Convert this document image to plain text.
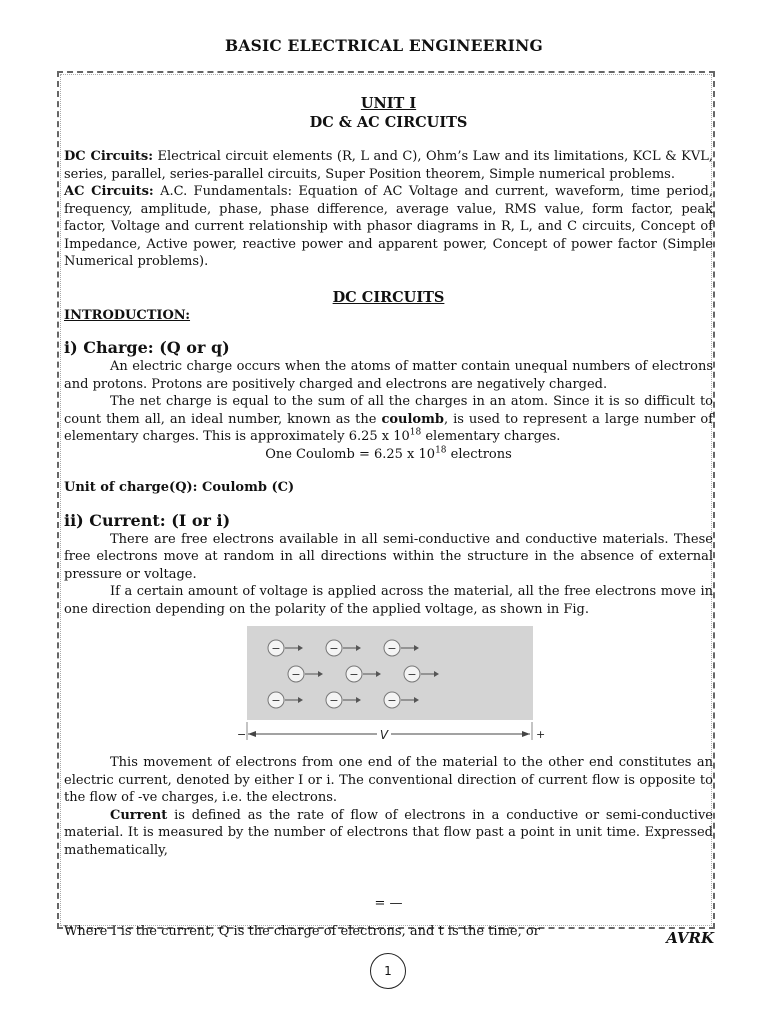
BASIC ELECTRICAL ENGINEERING
UNIT I
DC & AC CIRCUITS

DC Circuits: Electrical circuit elements (R, L and C), Ohm’s Law and its limitations, KCL & KVL, series, parallel, series-parallel circuits, Super Position theorem, Simple numerical problems.

AC Circuits: A.C. Fundamentals: Equation of AC Voltage and current, waveform, time period, frequency, amplitude, phase, phase difference, average value, RMS value, form factor, peak factor, Voltage and current relationship with phasor diagrams in R, L, and C circuits, Concept of Impedance, Active power, reactive power and apparent power, Concept of power factor (Simple Numerical problems).

DC CIRCUITS
INTRODUCTION:
i) Charge: (Q or q)

An electric charge occurs when the atoms of matter contain unequal numbers of electrons and protons. Protons are positively charged and electrons are negatively charged.

The net charge is equal to the sum of all the charges in an atom. Since it is so difficult to count them all, an ideal number, known as the coulomb, is used to represent a large number of elementary charges. This is approximately 6.25 x $10^{18}$ elementary charges.

One Coulomb = 6.25 x $10^{18}$ electrons

Unit of charge(Q): Coulomb (C)
ii) Current: (I or i)

There are free electrons available in all semi-conductive and conductive materials. These free electrons move at random in all directions within the structure in the absence of external pressure or voltage.

If a certain amount of voltage is applied across the material, all the free electrons move in one direction depending on the polarity of the applied voltage, as shown in Fig.

−	−	−
−	−	−
−	−	−
V
−	+

This movement of electrons from one end of the material to the other end constitutes an electric current, denoted by either I or i. The conventional direction of current flow is opposite to the flow of -ve charges, i.e. the electrons.

Current is defined as the rate of flow of electrons in a conductive or semi-conductive material. It is measured by the number of electrons that flow past a point in unit time. Expressed mathematically,

= —

Where I is the current, Q is the charge of electrons, and t is the time, or	AVRK
1
